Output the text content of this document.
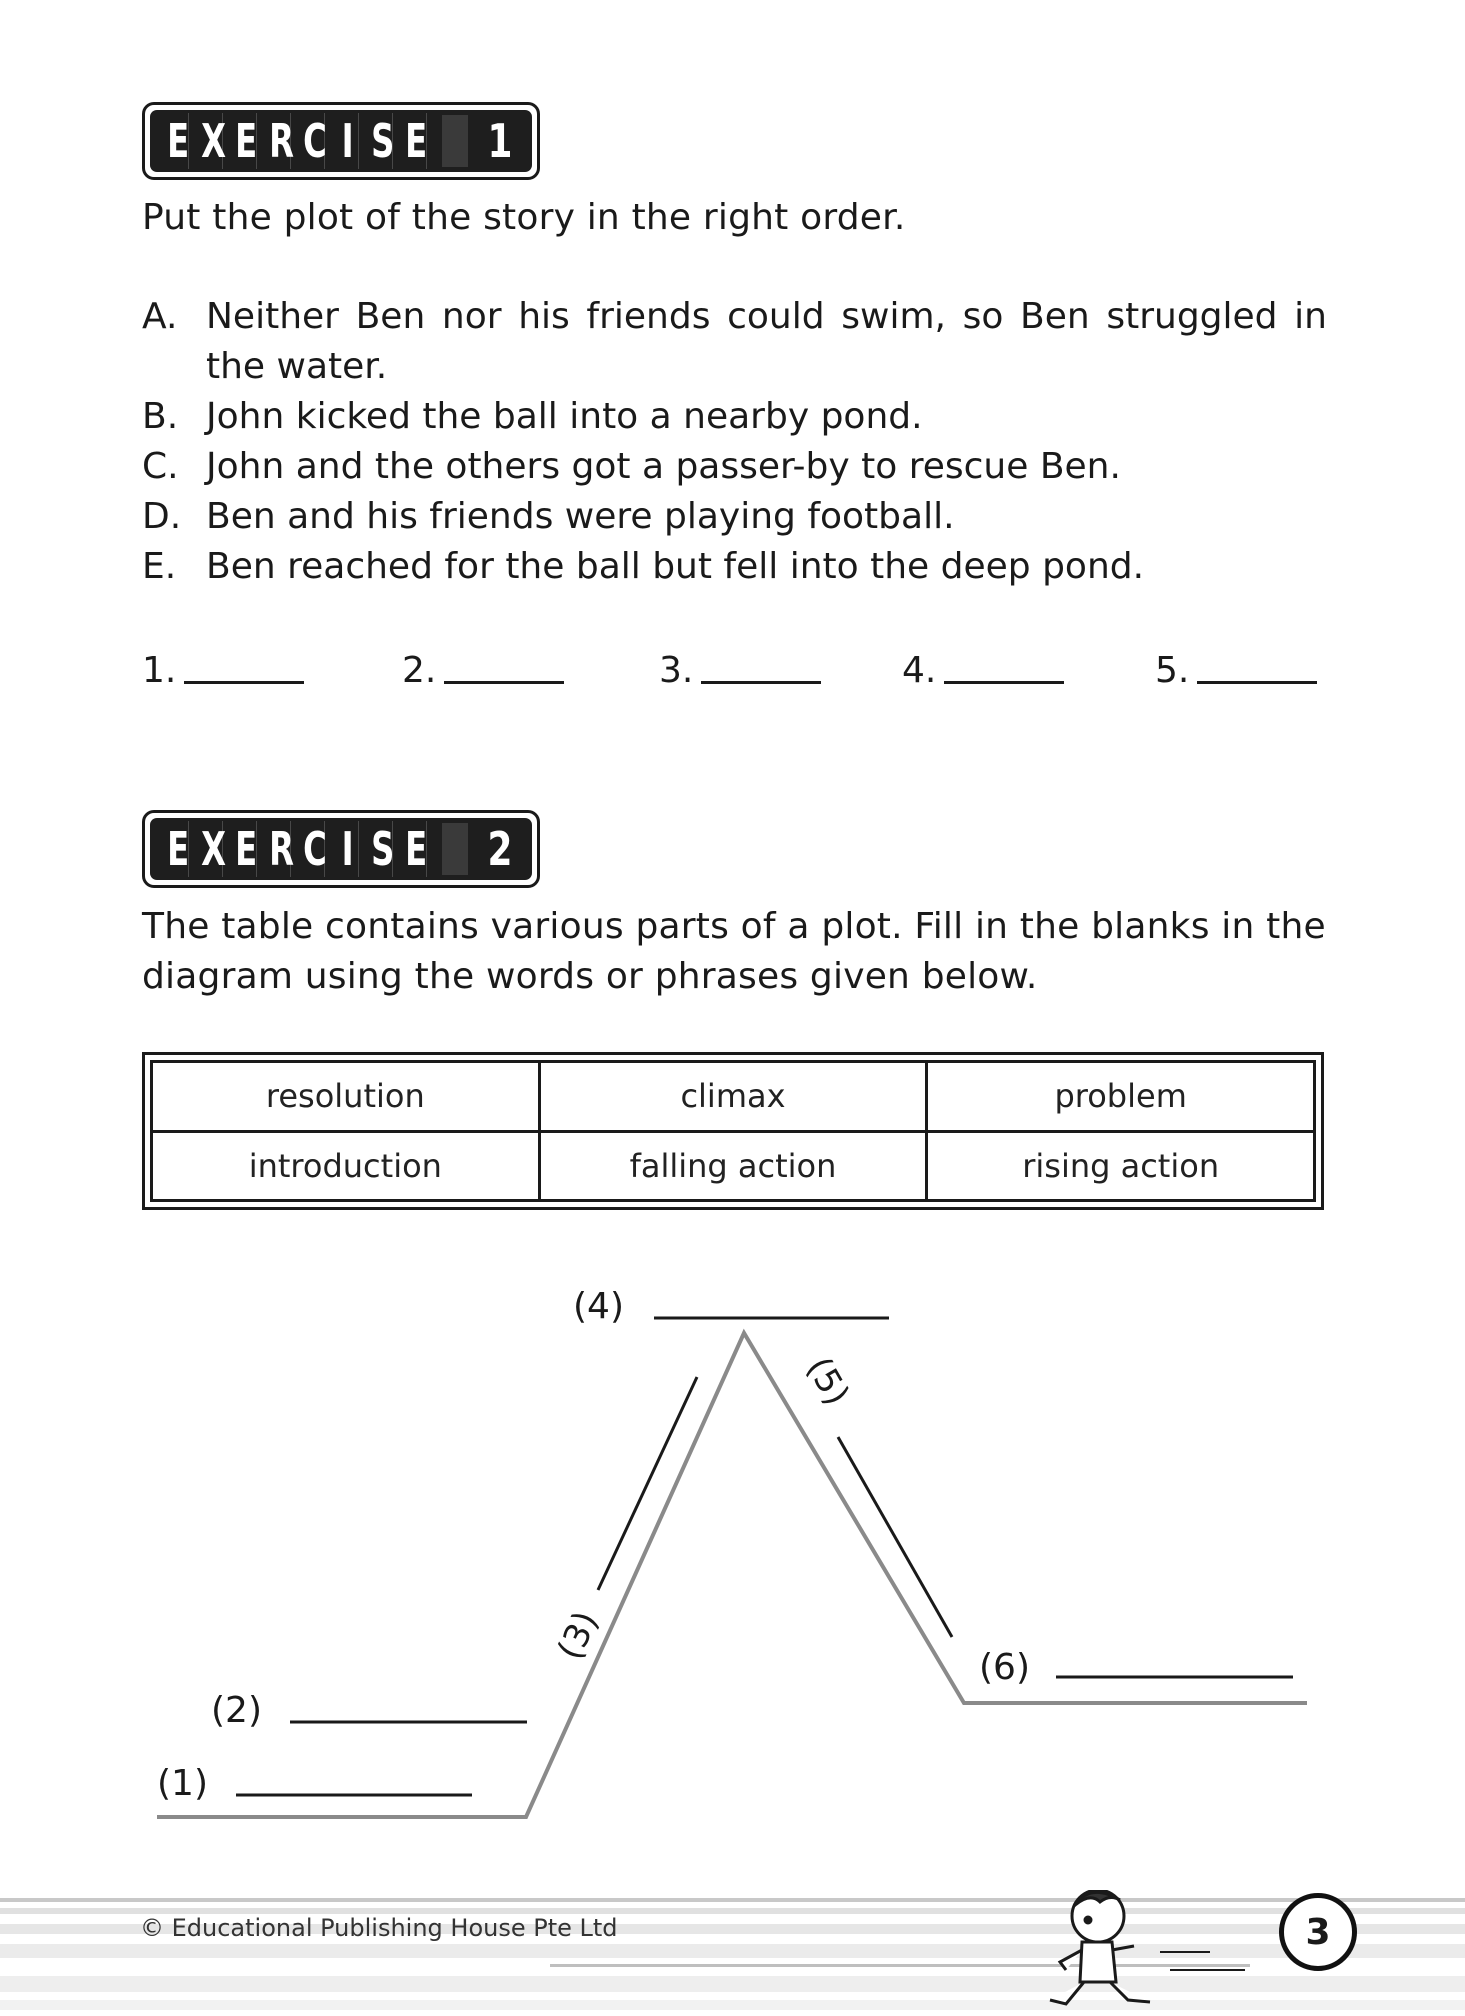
E X E R C I S E 1
Put the plot of the story in the right order.
A. Neither Ben nor his friends could swim, so Ben struggled in the water.
B. John kicked the ball into a nearby pond.
C. John and the others got a passer-by to rescue Ben.
D. Ben and his friends were playing football.
E. Ben reached for the ball but fell into the deep pond.
1.	2.	3.	4.	5.
E X E R C I S E 2
The table contains various parts of a plot. Fill in the blanks in the
diagram using the words or phrases given below.
resolution	climax	problem
introduction	falling action	rising action
(3)
(5)
(1)
(2)
(4)
(6)
© Educational Publishing House Pte Ltd	3
